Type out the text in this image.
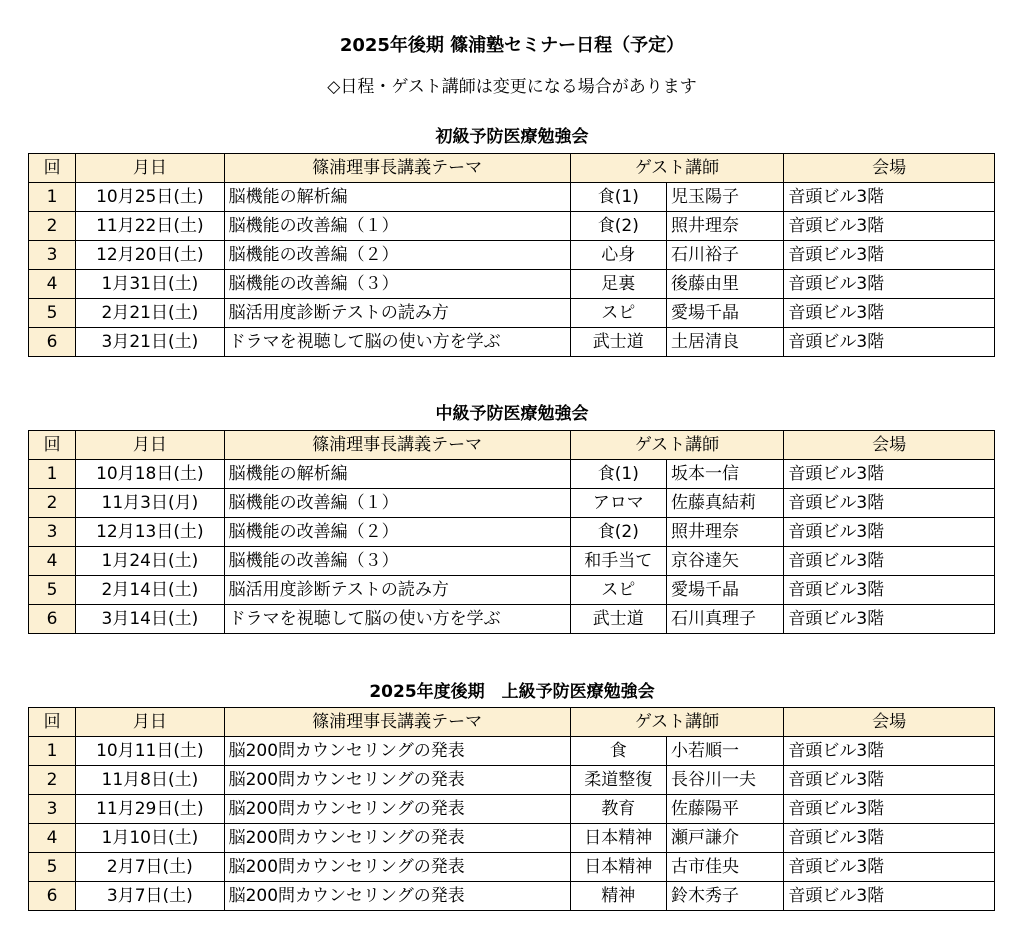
2025年後期 篠浦塾セミナー日程（予定）
◇日程・ゲスト講師は変更になる場合があります
初級予防医療勉強会
回	月日	篠浦理事長講義テーマ	ゲスト講師		会場
1	10月25日(土)	脳機能の解析編	食(1)	児玉陽子	音頭ビル3階
2	11月22日(土)	脳機能の改善編（１）	食(2)	照井理奈	音頭ビル3階
3	12月20日(土)	脳機能の改善編（２）	心身	石川裕子	音頭ビル3階
4	1月31日(土)	脳機能の改善編（３）	足裏	後藤由里	音頭ビル3階
5	2月21日(土)	脳活用度診断テストの読み方	スピ	愛場千晶	音頭ビル3階
6	3月21日(土)	ドラマを視聴して脳の使い方を学ぶ	武士道	土居清良	音頭ビル3階
中級予防医療勉強会
回	月日	篠浦理事長講義テーマ	ゲスト講師		会場
1	10月18日(土)	脳機能の解析編	食(1)	坂本一信	音頭ビル3階
2	11月3日(月)	脳機能の改善編（１）	アロマ	佐藤真結莉	音頭ビル3階
3	12月13日(土)	脳機能の改善編（２）	食(2)	照井理奈	音頭ビル3階
4	1月24日(土)	脳機能の改善編（３）	和手当て	京谷達矢	音頭ビル3階
5	2月14日(土)	脳活用度診断テストの読み方	スピ	愛場千晶	音頭ビル3階
6	3月14日(土)	ドラマを視聴して脳の使い方を学ぶ	武士道	石川真理子	音頭ビル3階
2025年度後期　上級予防医療勉強会
回	月日	篠浦理事長講義テーマ	ゲスト講師		会場
1	10月11日(土)	脳200問カウンセリングの発表	食	小若順一	音頭ビル3階
2	11月8日(土)	脳200問カウンセリングの発表	柔道整復	長谷川一夫	音頭ビル3階
3	11月29日(土)	脳200問カウンセリングの発表	教育	佐藤陽平	音頭ビル3階
4	1月10日(土)	脳200問カウンセリングの発表	日本精神	瀬戸謙介	音頭ビル3階
5	2月7日(土)	脳200問カウンセリングの発表	日本精神	古市佳央	音頭ビル3階
6	3月7日(土)	脳200問カウンセリングの発表	精神	鈴木秀子	音頭ビル3階
